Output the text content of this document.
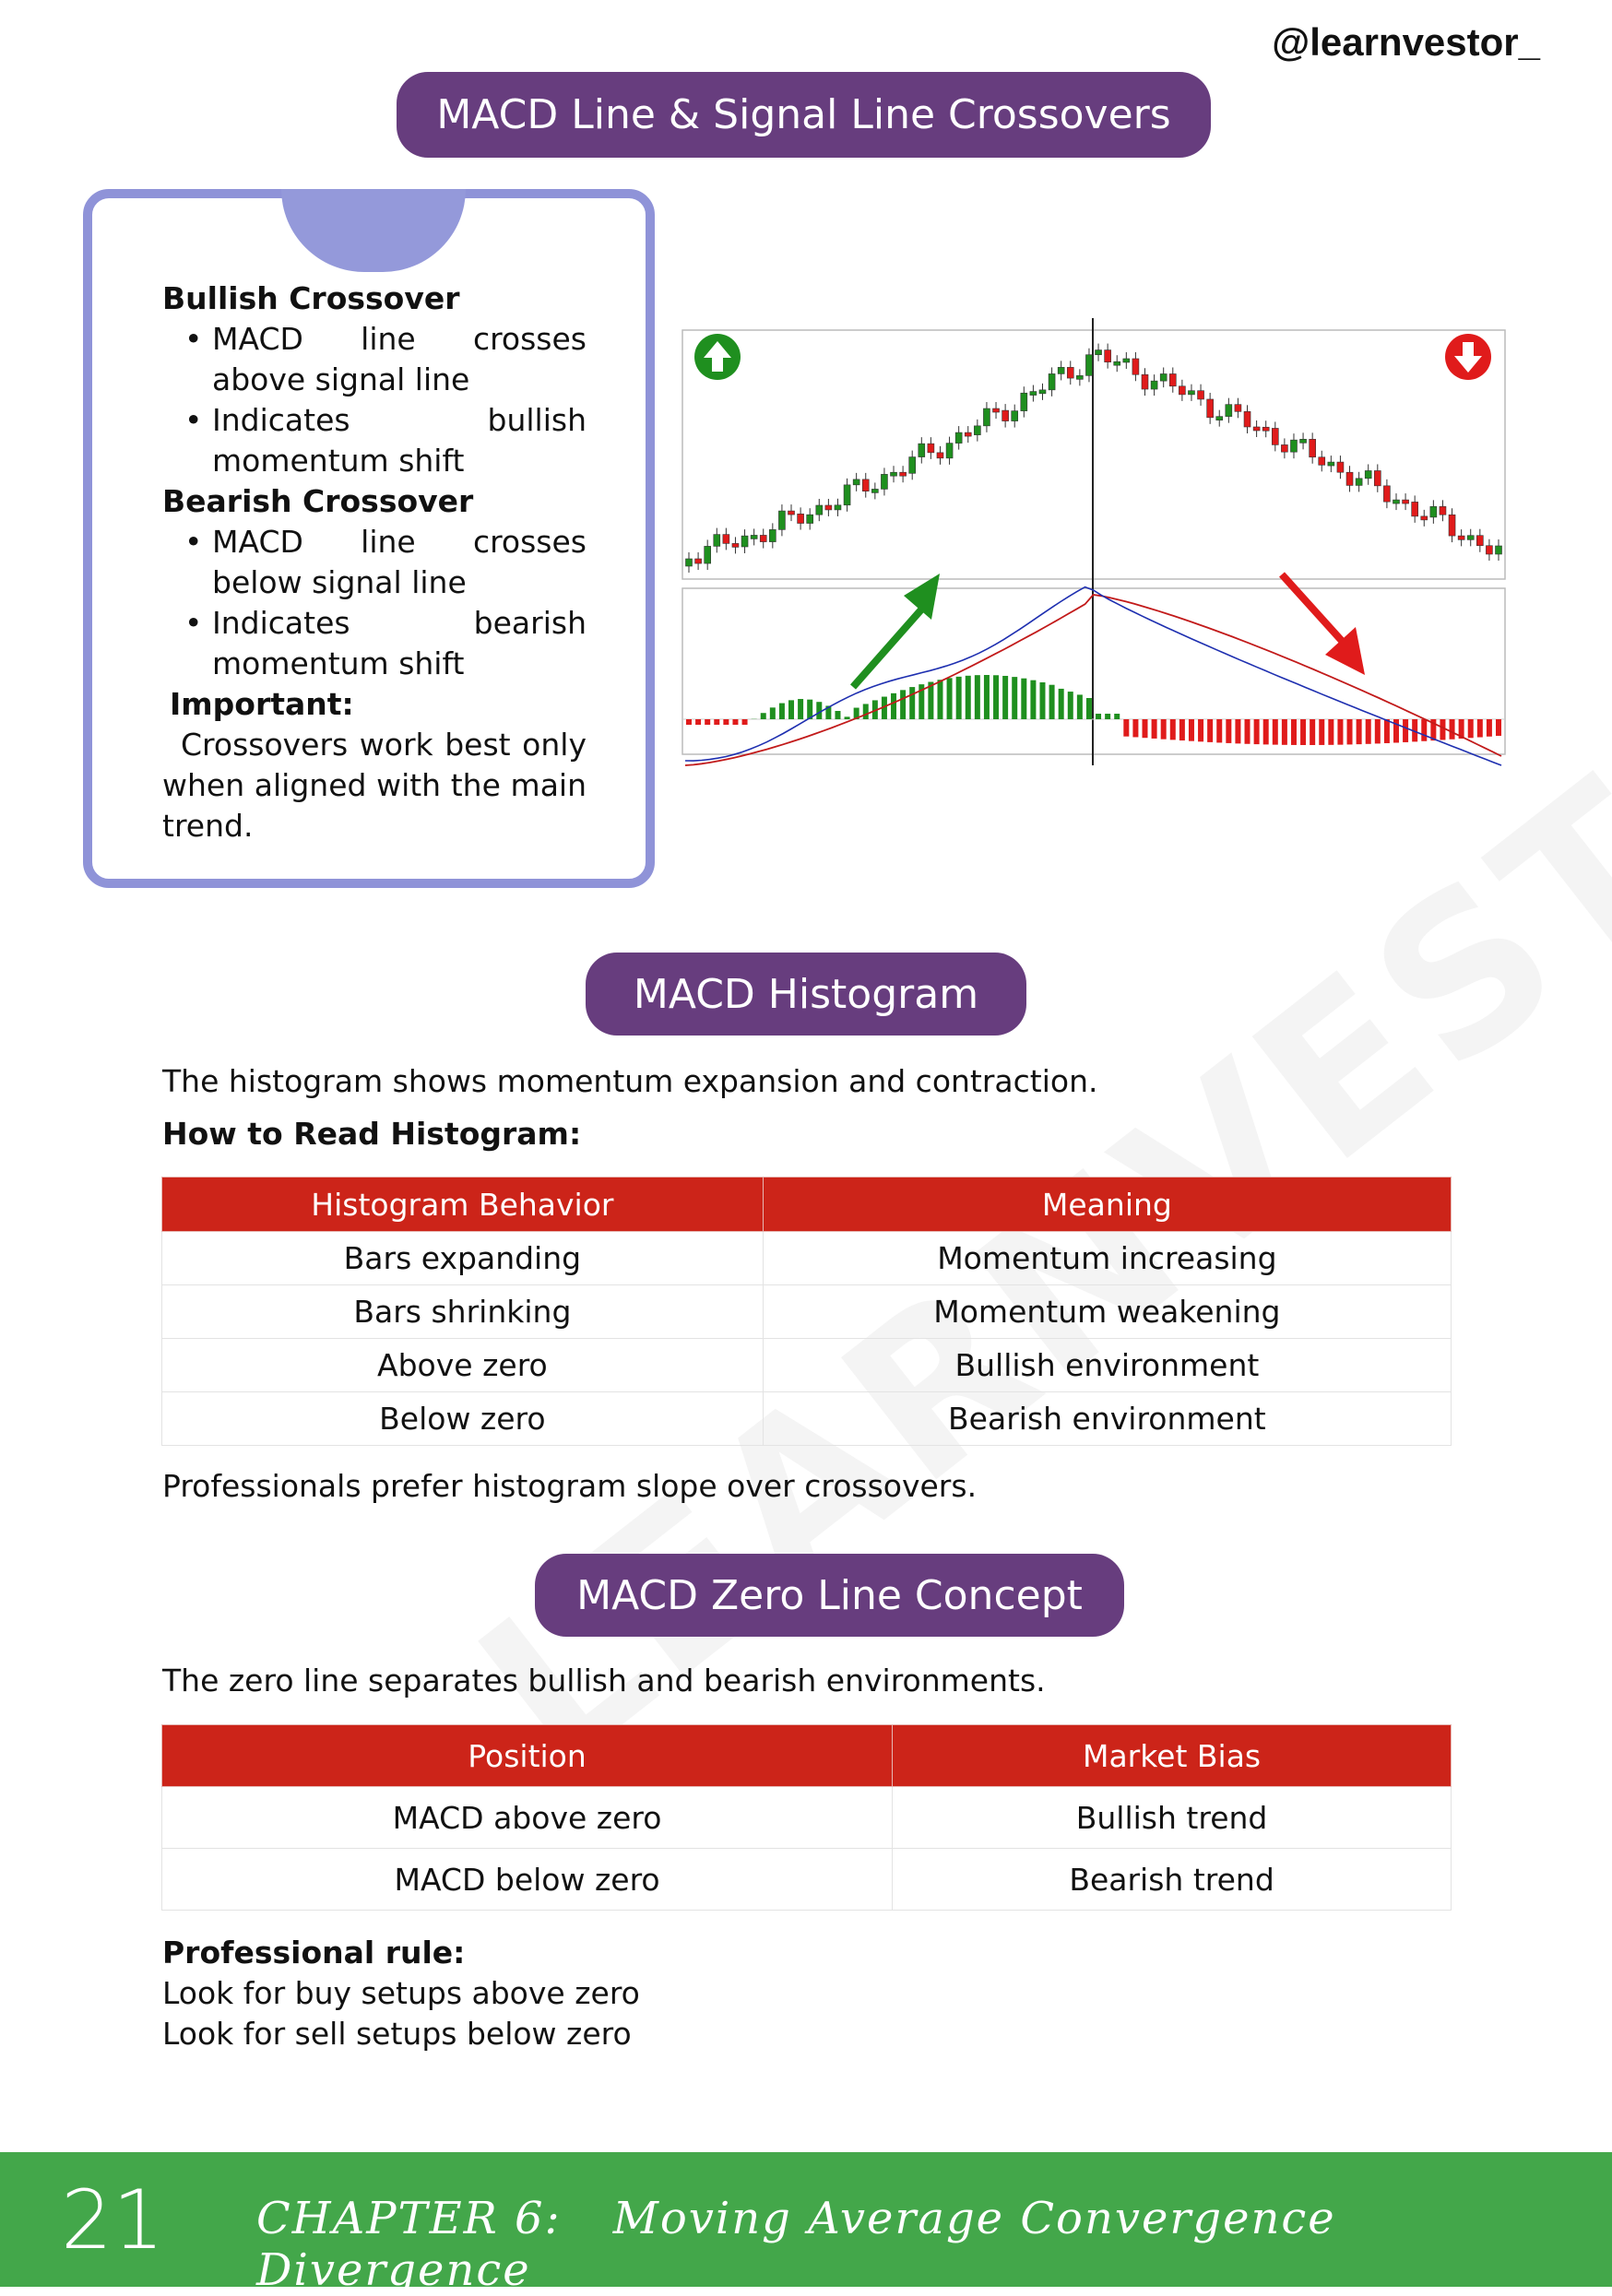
@learnvestor_
MACD Line & Signal Line Crossovers
Bullish Crossover
• MACD line crosses above signal line
• Indicates	bullish
momentum shift
Bearish Crossover
• MACD line crosses below signal line
• Indicates	bearish
momentum shift
Important:
Crossovers work best only when aligned with the main trend.
MACD Histogram
The histogram shows momentum expansion and contraction.
How to Read Histogram:
Histogram Behavior	Meaning
Bars expanding	Momentum increasing
Bars shrinking	Momentum weakening
Above zero	Bullish environment
Below zero	Bearish environment
Professionals prefer histogram slope over crossovers.
MACD Zero Line Concept
The zero line separates bullish and bearish environments.
Position	Market Bias
MACD above zero	Bullish trend
MACD below zero	Bearish trend
Professional rule:
Look for buy setups above zero
Look for sell setups below zero
21 CHAPTER 6: Moving Average Convergence Divergence
